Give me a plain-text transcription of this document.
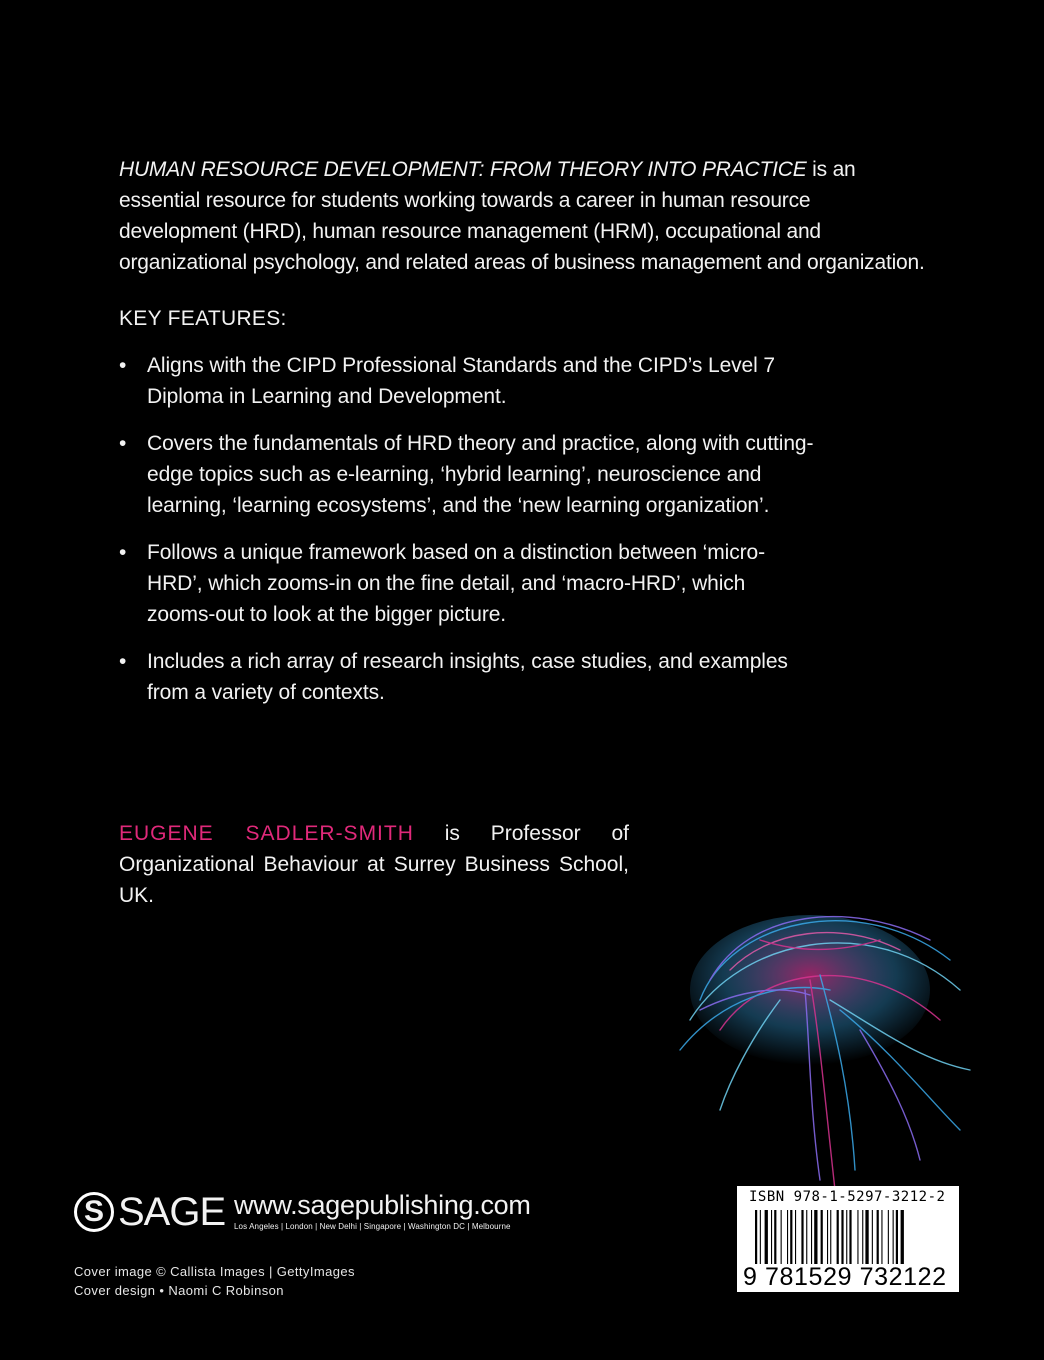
HUMAN RESOURCE DEVELOPMENT: FROM THEORY INTO PRACTICE is an essential resource for students working towards a career in human resource development (HRD), human resource management (HRM), occupational and organizational psychology, and related areas of business management and organization.

KEY FEATURES:

• Aligns with the CIPD Professional Standards and the CIPD’s Level 7 Diploma in Learning and Development.
• Covers the fundamentals of HRD theory and practice, along with cutting-edge topics such as e-learning, ‘hybrid learning’, neuroscience and learning, ‘learning ecosystems’, and the ‘new learning organization’.
• Follows a unique framework based on a distinction between ‘micro-HRD’, which zooms-in on the fine detail, and ‘macro-HRD’, which zooms-out to look at the bigger picture.
• Includes a rich array of research insights, case studies, and examples from a variety of contexts.

EUGENE SADLER-SMITH is Professor of Organizational Behaviour at Surrey Business School, UK.

S SAGE www.sagepublishing.com
Los Angeles | London | New Delhi | Singapore | Washington DC | Melbourne
Cover image © Callista Images | GettyImages
Cover design • Naomi C Robinson
ISBN 978-1-5297-3212-2
9 781529 732122
